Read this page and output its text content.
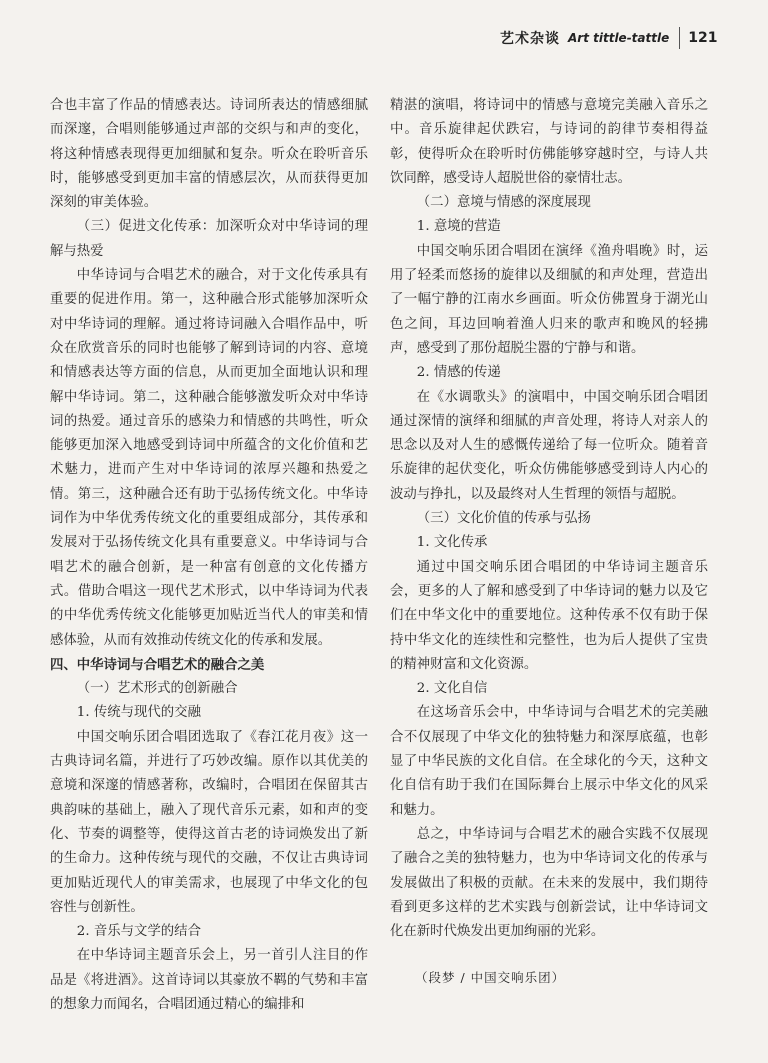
艺术杂谈 Art tittle-tattle 121

合也丰富了作品的情感表达。诗词所表达的情感细腻而深邃，合唱则能够通过声部的交织与和声的变化，将这种情感表现得更加细腻和复杂。听众在聆听音乐时，能够感受到更加丰富的情感层次，从而获得更加深刻的审美体验。

（三）促进文化传承：加深听众对中华诗词的理解与热爱

中华诗词与合唱艺术的融合，对于文化传承具有重要的促进作用。第一，这种融合形式能够加深听众对中华诗词的理解。通过将诗词融入合唱作品中，听众在欣赏音乐的同时也能够了解到诗词的内容、意境和情感表达等方面的信息，从而更加全面地认识和理解中华诗词。第二，这种融合能够激发听众对中华诗词的热爱。通过音乐的感染力和情感的共鸣性，听众能够更加深入地感受到诗词中所蕴含的文化价值和艺术魅力，进而产生对中华诗词的浓厚兴趣和热爱之情。第三，这种融合还有助于弘扬传统文化。中华诗词作为中华优秀传统文化的重要组成部分，其传承和发展对于弘扬传统文化具有重要意义。中华诗词与合唱艺术的融合创新，是一种富有创意的文化传播方式。借助合唱这一现代艺术形式，以中华诗词为代表的中华优秀传统文化能够更加贴近当代人的审美和情感体验，从而有效推动传统文化的传承和发展。

四、中华诗词与合唱艺术的融合之美

（一）艺术形式的创新融合

1. 传统与现代的交融

中国交响乐团合唱团选取了《春江花月夜》这一古典诗词名篇，并进行了巧妙改编。原作以其优美的意境和深邃的情感著称，改编时，合唱团在保留其古典韵味的基础上，融入了现代音乐元素，如和声的变化、节奏的调整等，使得这首古老的诗词焕发出了新的生命力。这种传统与现代的交融，不仅让古典诗词更加贴近现代人的审美需求，也展现了中华文化的包容性与创新性。

2. 音乐与文学的结合

在中华诗词主题音乐会上，另一首引人注目的作品是《将进酒》。这首诗词以其豪放不羁的气势和丰富的想象力而闻名，合唱团通过精心的编排和

精湛的演唱，将诗词中的情感与意境完美融入音乐之中。音乐旋律起伏跌宕，与诗词的韵律节奏相得益彰，使得听众在聆听时仿佛能够穿越时空，与诗人共饮同醉，感受诗人超脱世俗的豪情壮志。

（二）意境与情感的深度展现

1. 意境的营造

中国交响乐团合唱团在演绎《渔舟唱晚》时，运用了轻柔而悠扬的旋律以及细腻的和声处理，营造出了一幅宁静的江南水乡画面。听众仿佛置身于湖光山色之间，耳边回响着渔人归来的歌声和晚风的轻拂声，感受到了那份超脱尘嚣的宁静与和谐。

2. 情感的传递

在《水调歌头》的演唱中，中国交响乐团合唱团通过深情的演绎和细腻的声音处理，将诗人对亲人的思念以及对人生的感慨传递给了每一位听众。随着音乐旋律的起伏变化，听众仿佛能够感受到诗人内心的波动与挣扎，以及最终对人生哲理的领悟与超脱。

（三）文化价值的传承与弘扬

1. 文化传承

通过中国交响乐团合唱团的中华诗词主题音乐会，更多的人了解和感受到了中华诗词的魅力以及它们在中华文化中的重要地位。这种传承不仅有助于保持中华文化的连续性和完整性，也为后人提供了宝贵的精神财富和文化资源。

2. 文化自信

在这场音乐会中，中华诗词与合唱艺术的完美融合不仅展现了中华文化的独特魅力和深厚底蕴，也彰显了中华民族的文化自信。在全球化的今天，这种文化自信有助于我们在国际舞台上展示中华文化的风采和魅力。

总之，中华诗词与合唱艺术的融合实践不仅展现了融合之美的独特魅力，也为中华诗词文化的传承与发展做出了积极的贡献。在未来的发展中，我们期待看到更多这样的艺术实践与创新尝试，让中华诗词文化在新时代焕发出更加绚丽的光彩。

（段梦 / 中国交响乐团）
